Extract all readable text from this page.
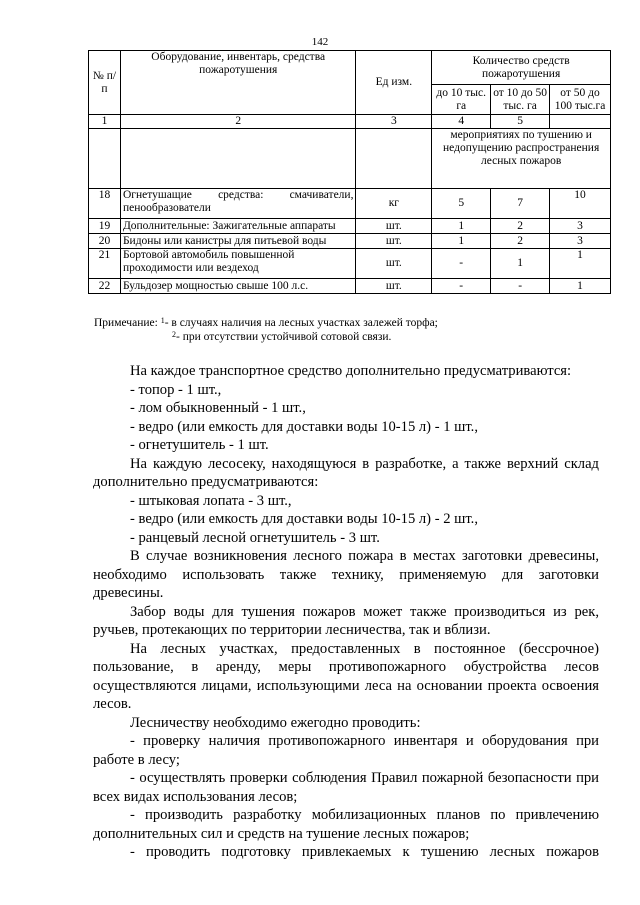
142
№ п/п	Оборудование, инвентарь, средства пожаротушения	Ед изм.	Количество средств пожаротушения		
			до 10 тыс. га	от 10 до 50 тыс. га	от 50 до 100 тыс.га
1	2	3	4	5	
			мероприятиях по тушению и недопущению распространения лесных пожаров		
18	Огнетушащие средства: смачиватели, пенообразователи	кг	5	7	10
19	Дополнительные: Зажигательные аппараты	шт.	1	2	3
20	Бидоны или канистры для питьевой воды	шт.	1	2	3
21	Бортовой автомобиль повышенной проходимости или вездеход	шт.	-	1	1
22	Бульдозер мощностью свыше 100 л.с.	шт.	-	-	1
Примечание: $^1$- в случаях наличия на лесных участках залежей торфа;
$^2$- при отсутствии устойчивой сотовой связи.

На каждое транспортное средство дополнительно предусматриваются:

- топор - 1 шт.,

- лом обыкновенный - 1 шт.,

- ведро (или емкость для доставки воды 10-15 л) - 1 шт.,

- огнетушитель - 1 шт.

На каждую лесосеку, находящуюся в разработке, а также верхний склад дополнительно предусматриваются:

- штыковая лопата - 3 шт.,

- ведро (или емкость для доставки воды 10-15 л) - 2 шт.,

- ранцевый лесной огнетушитель - 3 шт.

В случае возникновения лесного пожара в местах заготовки древесины, необходимо использовать также технику, применяемую для заготовки древесины.

Забор воды для тушения пожаров может также производиться из рек, ручьев, протекающих по территории лесничества, так и вблизи.

На лесных участках, предоставленных в постоянное (бессрочное) пользование, в аренду, меры противопожарного обустройства лесов осуществляются лицами, использующими леса на основании проекта освоения лесов.

Лесничеству необходимо ежегодно проводить:

- проверку наличия противопожарного инвентаря и оборудования при работе в лесу;

- осуществлять проверки соблюдения Правил пожарной безопасности при всех видах использования лесов;

- производить разработку мобилизационных планов по привлечению дополнительных сил и средств на тушение лесных пожаров;

- проводить подготовку привлекаемых к тушению лесных пожаров
